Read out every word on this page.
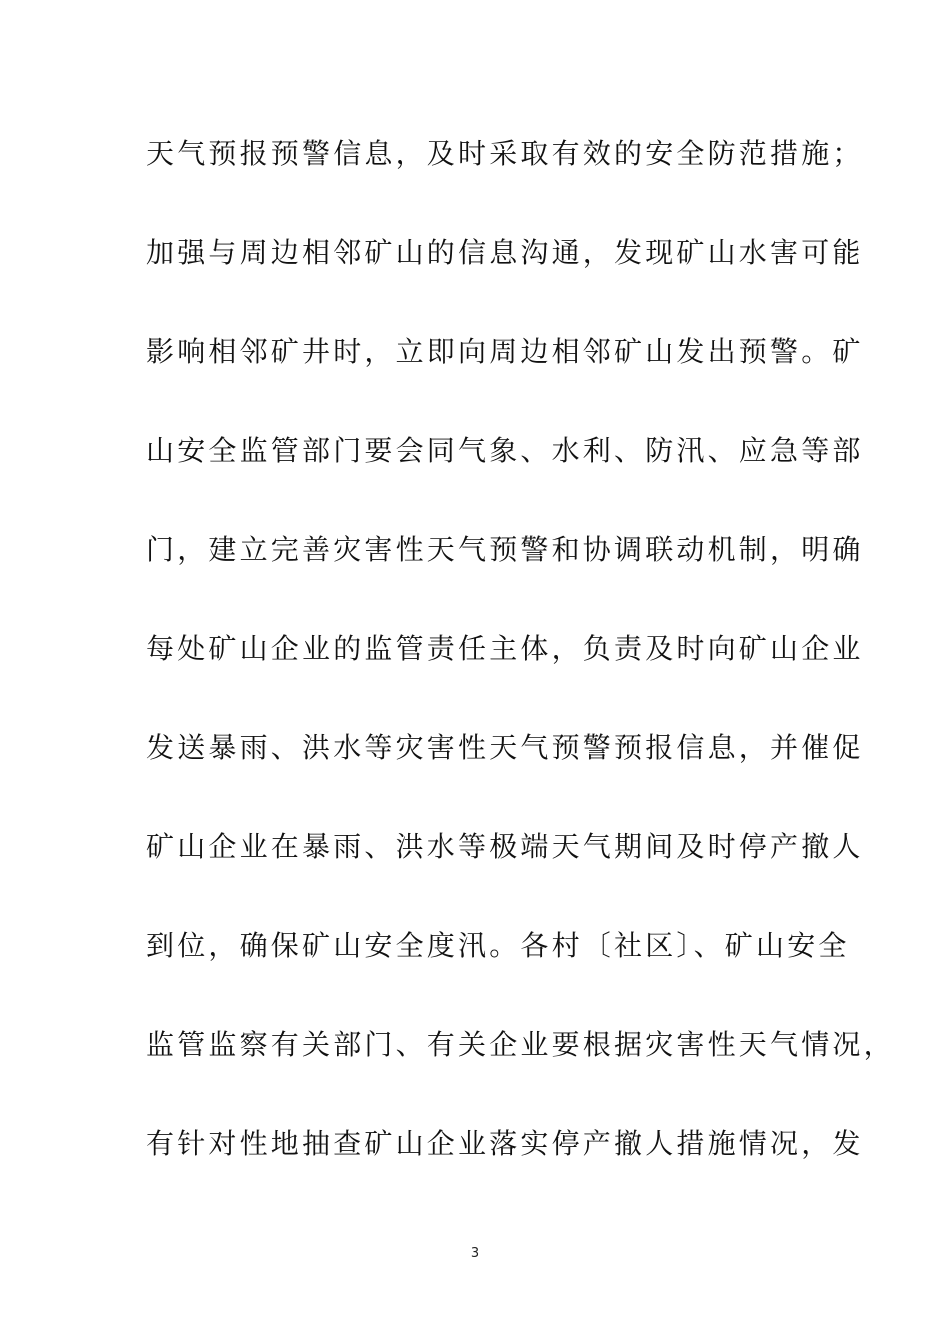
天气预报预警信息，及时采取有效的安全防范措施；
加强与周边相邻矿山的信息沟通，发现矿山水害可能
影响相邻矿井时，立即向周边相邻矿山发出预警。矿
山安全监管部门要会同气象、水利、防汛、应急等部
门，建立完善灾害性天气预警和协调联动机制，明确
每处矿山企业的监管责任主体，负责及时向矿山企业
发送暴雨、洪水等灾害性天气预警预报信息，并催促
矿山企业在暴雨、洪水等极端天气期间及时停产撤人
到位，确保矿山安全度汛。各村〔社区〕、矿山安全
监管监察有关部门、有关企业要根据灾害性天气情况，
有针对性地抽查矿山企业落实停产撤人措施情况，发
3
